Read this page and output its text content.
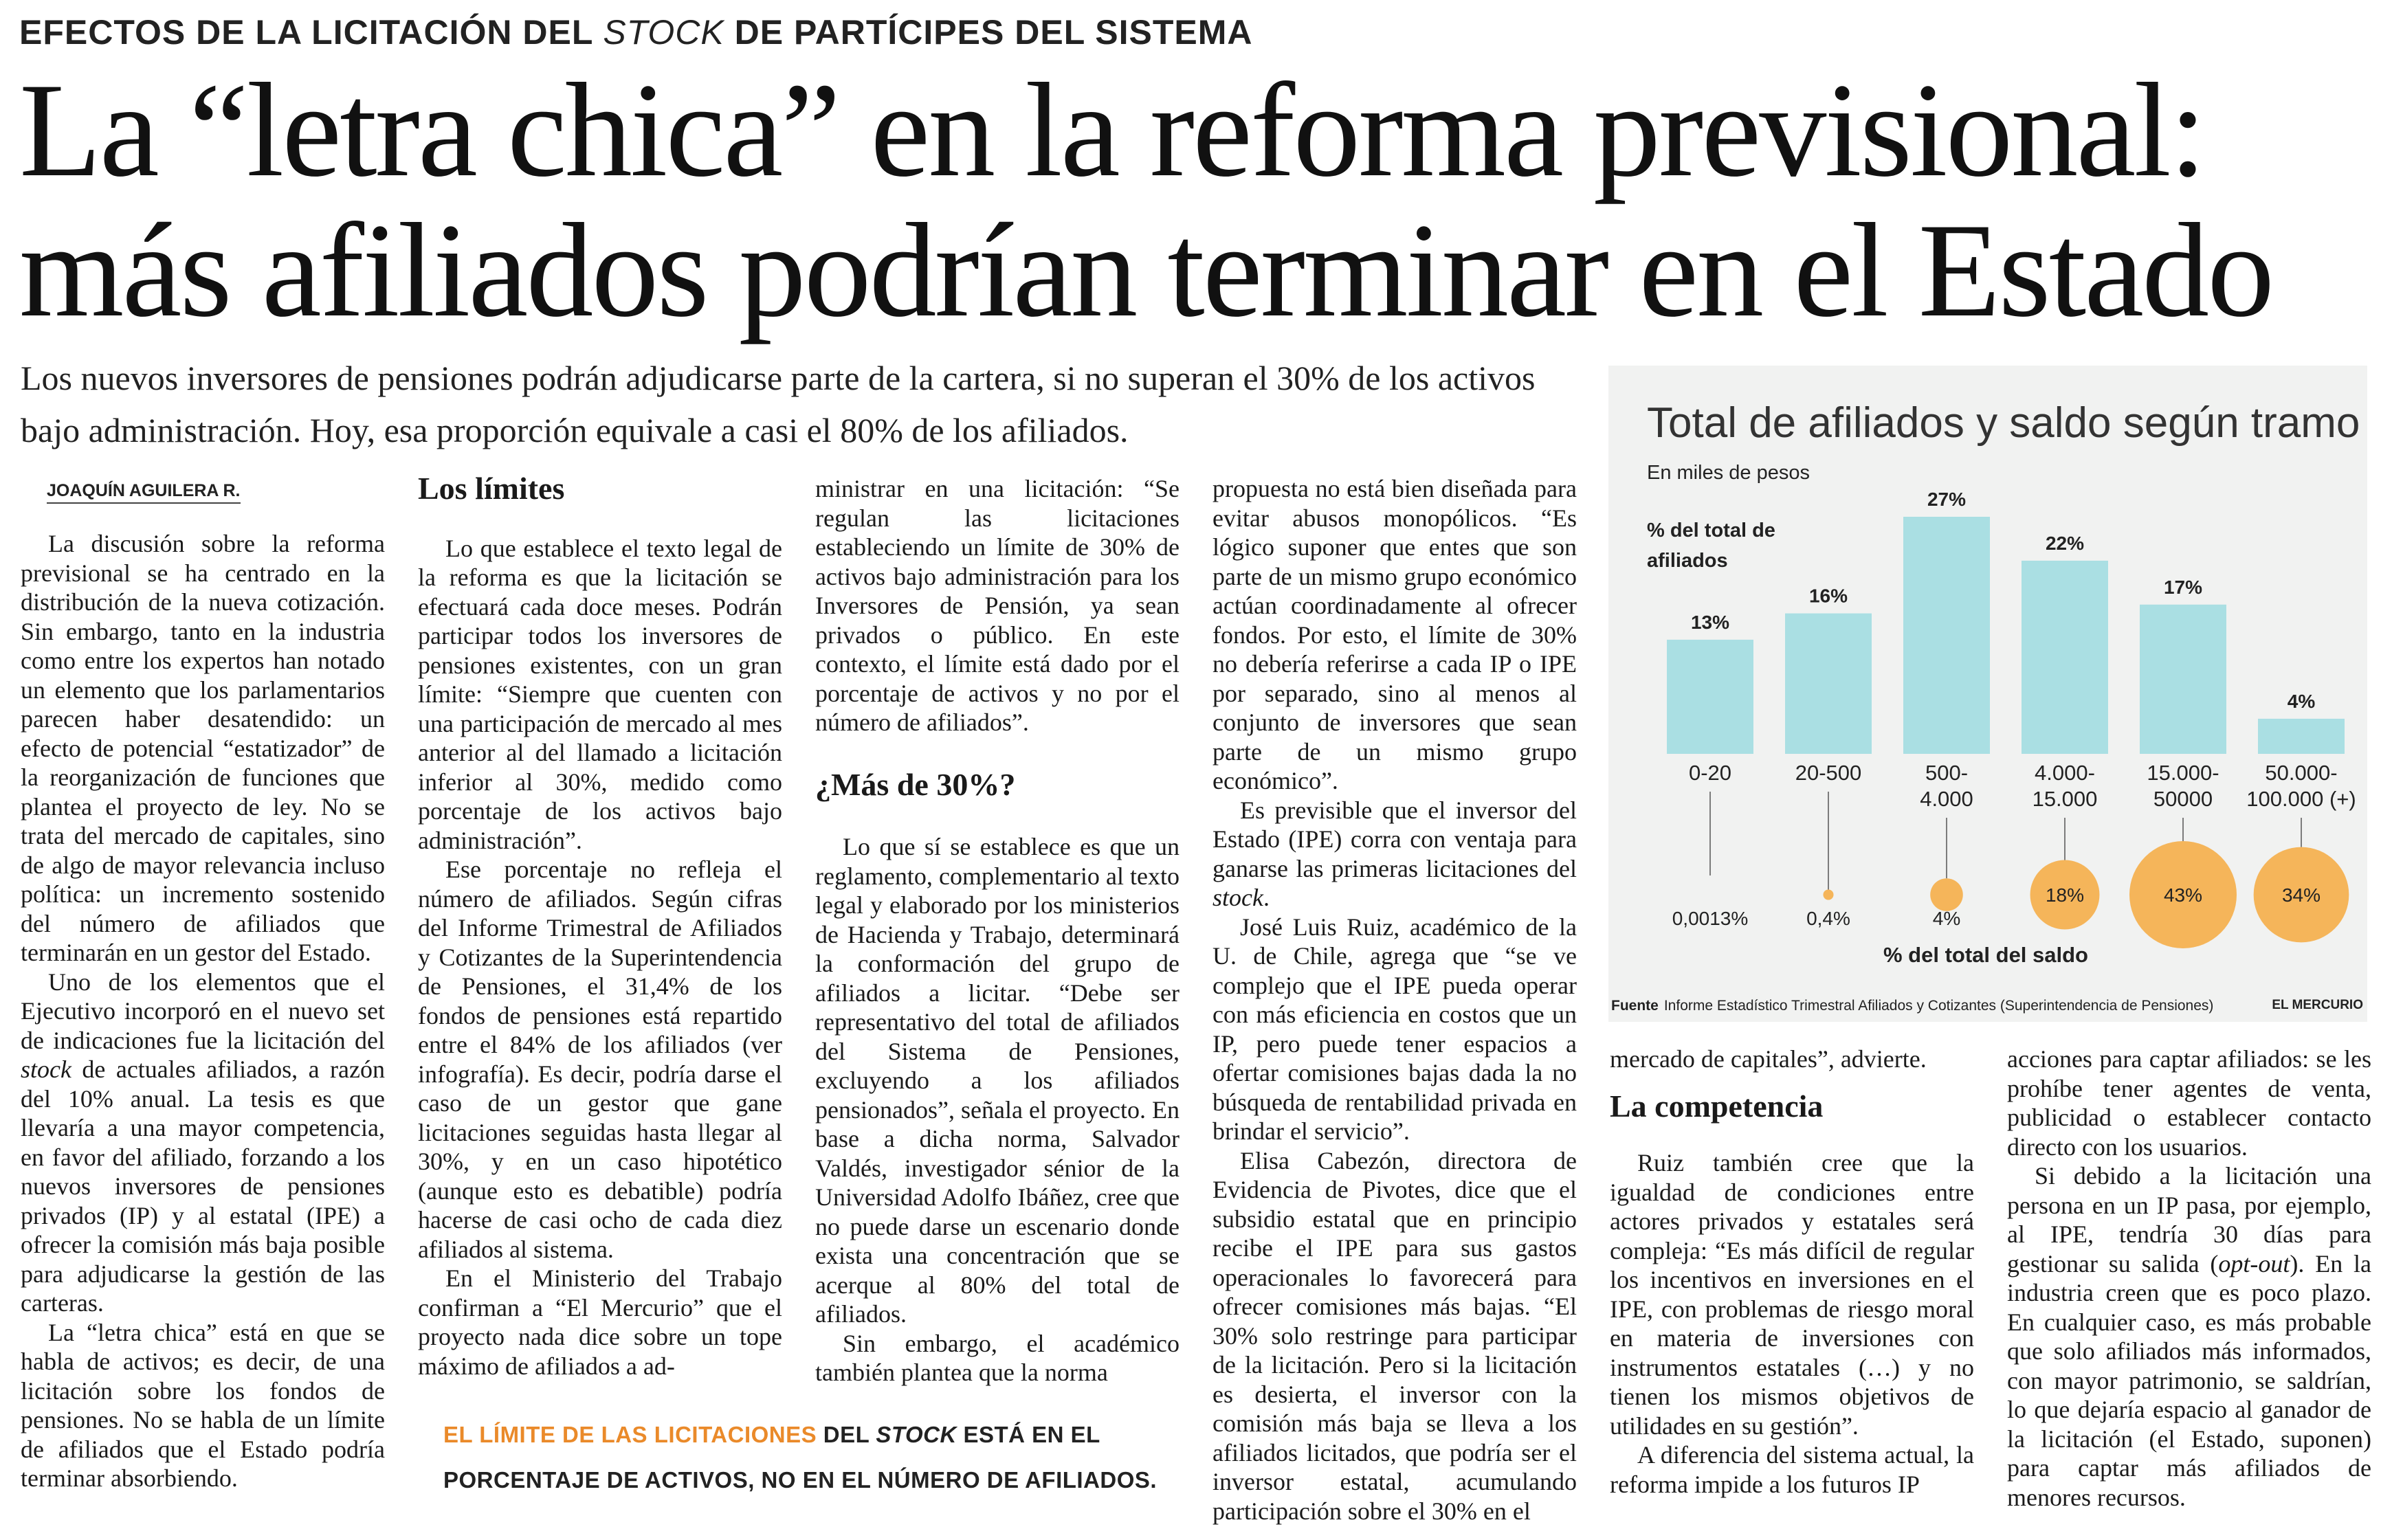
EFECTOS DE LA LICITACIÓN DEL STOCK DE PARTÍCIPES DEL SISTEMA
La “letra chica” en la reforma previsional:
más afiliados podrían terminar en el Estado
Los nuevos inversores de pensiones podrán adjudicarse parte de la cartera, si no superan el 30% de los activos bajo administración. Hoy, esa proporción equivale a casi el 80% de los afiliados.
JOAQUÍN AGUILERA R.

La discusión sobre la reforma previsional se ha centrado en la distribución de la nueva cotización. Sin embargo, tanto en la industria como entre los expertos han notado un elemento que los parlamentarios parecen haber desatendido: un efecto de potencial “estatizador” de la reorganización de funciones que plantea el proyecto de ley. No se trata del mercado de capitales, sino de algo de mayor relevancia incluso política: un incremento sostenido del número de afiliados que terminarán en un gestor del Estado.

Uno de los elementos que el Ejecutivo incorporó en el nuevo set de indicaciones fue la licitación del stock de actuales afiliados, a razón del 10% anual. La tesis es que llevaría a una mayor competencia, en favor del afiliado, forzando a los nuevos inversores de pensiones privados (IP) y al estatal (IPE) a ofrecer la comisión más baja posible para adjudicarse la gestión de las carteras.

La “letra chica” está en que se habla de activos; es decir, de una licitación sobre los fondos de pensiones. No se habla de un límite de afiliados que el Estado podría terminar absorbiendo.

Los límites

Lo que establece el texto legal de la reforma es que la licitación se efectuará cada doce meses. Podrán participar todos los inversores de pensiones existentes, con un gran límite: “Siempre que cuenten con una participación de mercado al mes anterior al del llamado a licitación inferior al 30%, medido como porcentaje de los activos bajo administración”.

Ese porcentaje no refleja el número de afiliados. Según cifras del Informe Trimestral de Afiliados y Cotizantes de la Superintendencia de Pensiones, el 31,4% de los fondos de pensiones está repartido entre el 84% de los afiliados (ver infografía). Es decir, podría darse el caso de un gestor que gane licitaciones seguidas hasta llegar al 30%, y en un caso hipotético (aunque esto es debatible) podría hacerse de casi ocho de cada diez afiliados al sistema.

En el Ministerio del Trabajo confirman a “El Mercurio” que el proyecto nada dice sobre un tope máximo de afiliados a ad-

ministrar en una licitación: “Se regulan las licitaciones estableciendo un límite de 30% de activos bajo administración para los Inversores de Pensión, ya sean privados o público. En este contexto, el límite está dado por el porcentaje de activos y no por el número de afiliados”.

¿Más de 30%?

Lo que sí se establece es que un reglamento, complementario al texto legal y elaborado por los ministerios de Hacienda y Trabajo, determinará la conformación del grupo de afiliados a licitar. “Debe ser representativo del total de afiliados del Sistema de Pensiones, excluyendo a los afiliados pensionados”, señala el proyecto. En base a dicha norma, Salvador Valdés, investigador sénior de la Universidad Adolfo Ibáñez, cree que no puede darse un escenario donde exista una concentración que se acerque al 80% del total de afiliados.

Sin embargo, el académico también plantea que la norma

propuesta no está bien diseñada para evitar abusos monopólicos. “Es lógico suponer que entes que son parte de un mismo grupo económico actúan coordinadamente al ofrecer fondos. Por esto, el límite de 30% no debería referirse a cada IP o IPE por separado, sino al menos al conjunto de inversores que sean parte de un mismo grupo económico”.

Es previsible que el inversor del Estado (IPE) corra con ventaja para ganarse las primeras licitaciones del stock.

José Luis Ruiz, académico de la U. de Chile, agrega que “se ve complejo que el IPE pueda operar con más eficiencia en costos que un IP, pero puede tener espacios a ofertar comisiones bajas dada la no búsqueda de rentabilidad privada en brindar el servicio”.

Elisa Cabezón, directora de Evidencia de Pivotes, dice que el subsidio estatal que en principio recibe el IPE para sus gastos operacionales lo favorecerá para ofrecer comisiones más bajas. “El 30% solo restringe para participar de la licitación. Pero si la licitación es desierta, el inversor con la comisión más baja se lleva a los afiliados licitados, que podría ser el inversor estatal, acumulando participación sobre el 30% en el

mercado de capitales”, advierte.

La competencia

Ruiz también cree que la igualdad de condiciones entre actores privados y estatales será compleja: “Es más difícil de regular los incentivos en inversiones en el IPE, con problemas de riesgo moral en materia de inversiones con instrumentos estatales (…) y no tienen los mismos objetivos de utilidades en su gestión”.

A diferencia del sistema actual, la reforma impide a los futuros IP

acciones para captar afiliados: se les prohíbe tener agentes de venta, publicidad o establecer contacto directo con los usuarios.

Si debido a la licitación una persona en un IP pasa, por ejemplo, al IPE, tendría 30 días para gestionar su salida (opt-out). En la industria creen que es poco plazo. En cualquier caso, es más probable que solo afiliados más informados, con mayor patrimonio, se saldrían, lo que dejaría espacio al ganador de la licitación (el Estado, suponen) para captar más afiliados de menores recursos.

EL LÍMITE DE LAS LICITACIONES DEL STOCK ESTÁ EN EL PORCENTAJE DE ACTIVOS, NO EN EL NÚMERO DE AFILIADOS.
Total de afiliados y saldo según tramo
En miles de pesos
% del total de afiliados
13%
0-20
0,0013%
16%
20-500
0,4%
27%
500-
4.000
4%
22%
4.000-
15.000
18%
17%
15.000-
50000
43%
4%
50.000-
100.000 (+)
34%
% del total del saldo
Fuente Informe Estadístico Trimestral Afiliados y Cotizantes (Superintendencia de Pensiones)	EL MERCURIO
